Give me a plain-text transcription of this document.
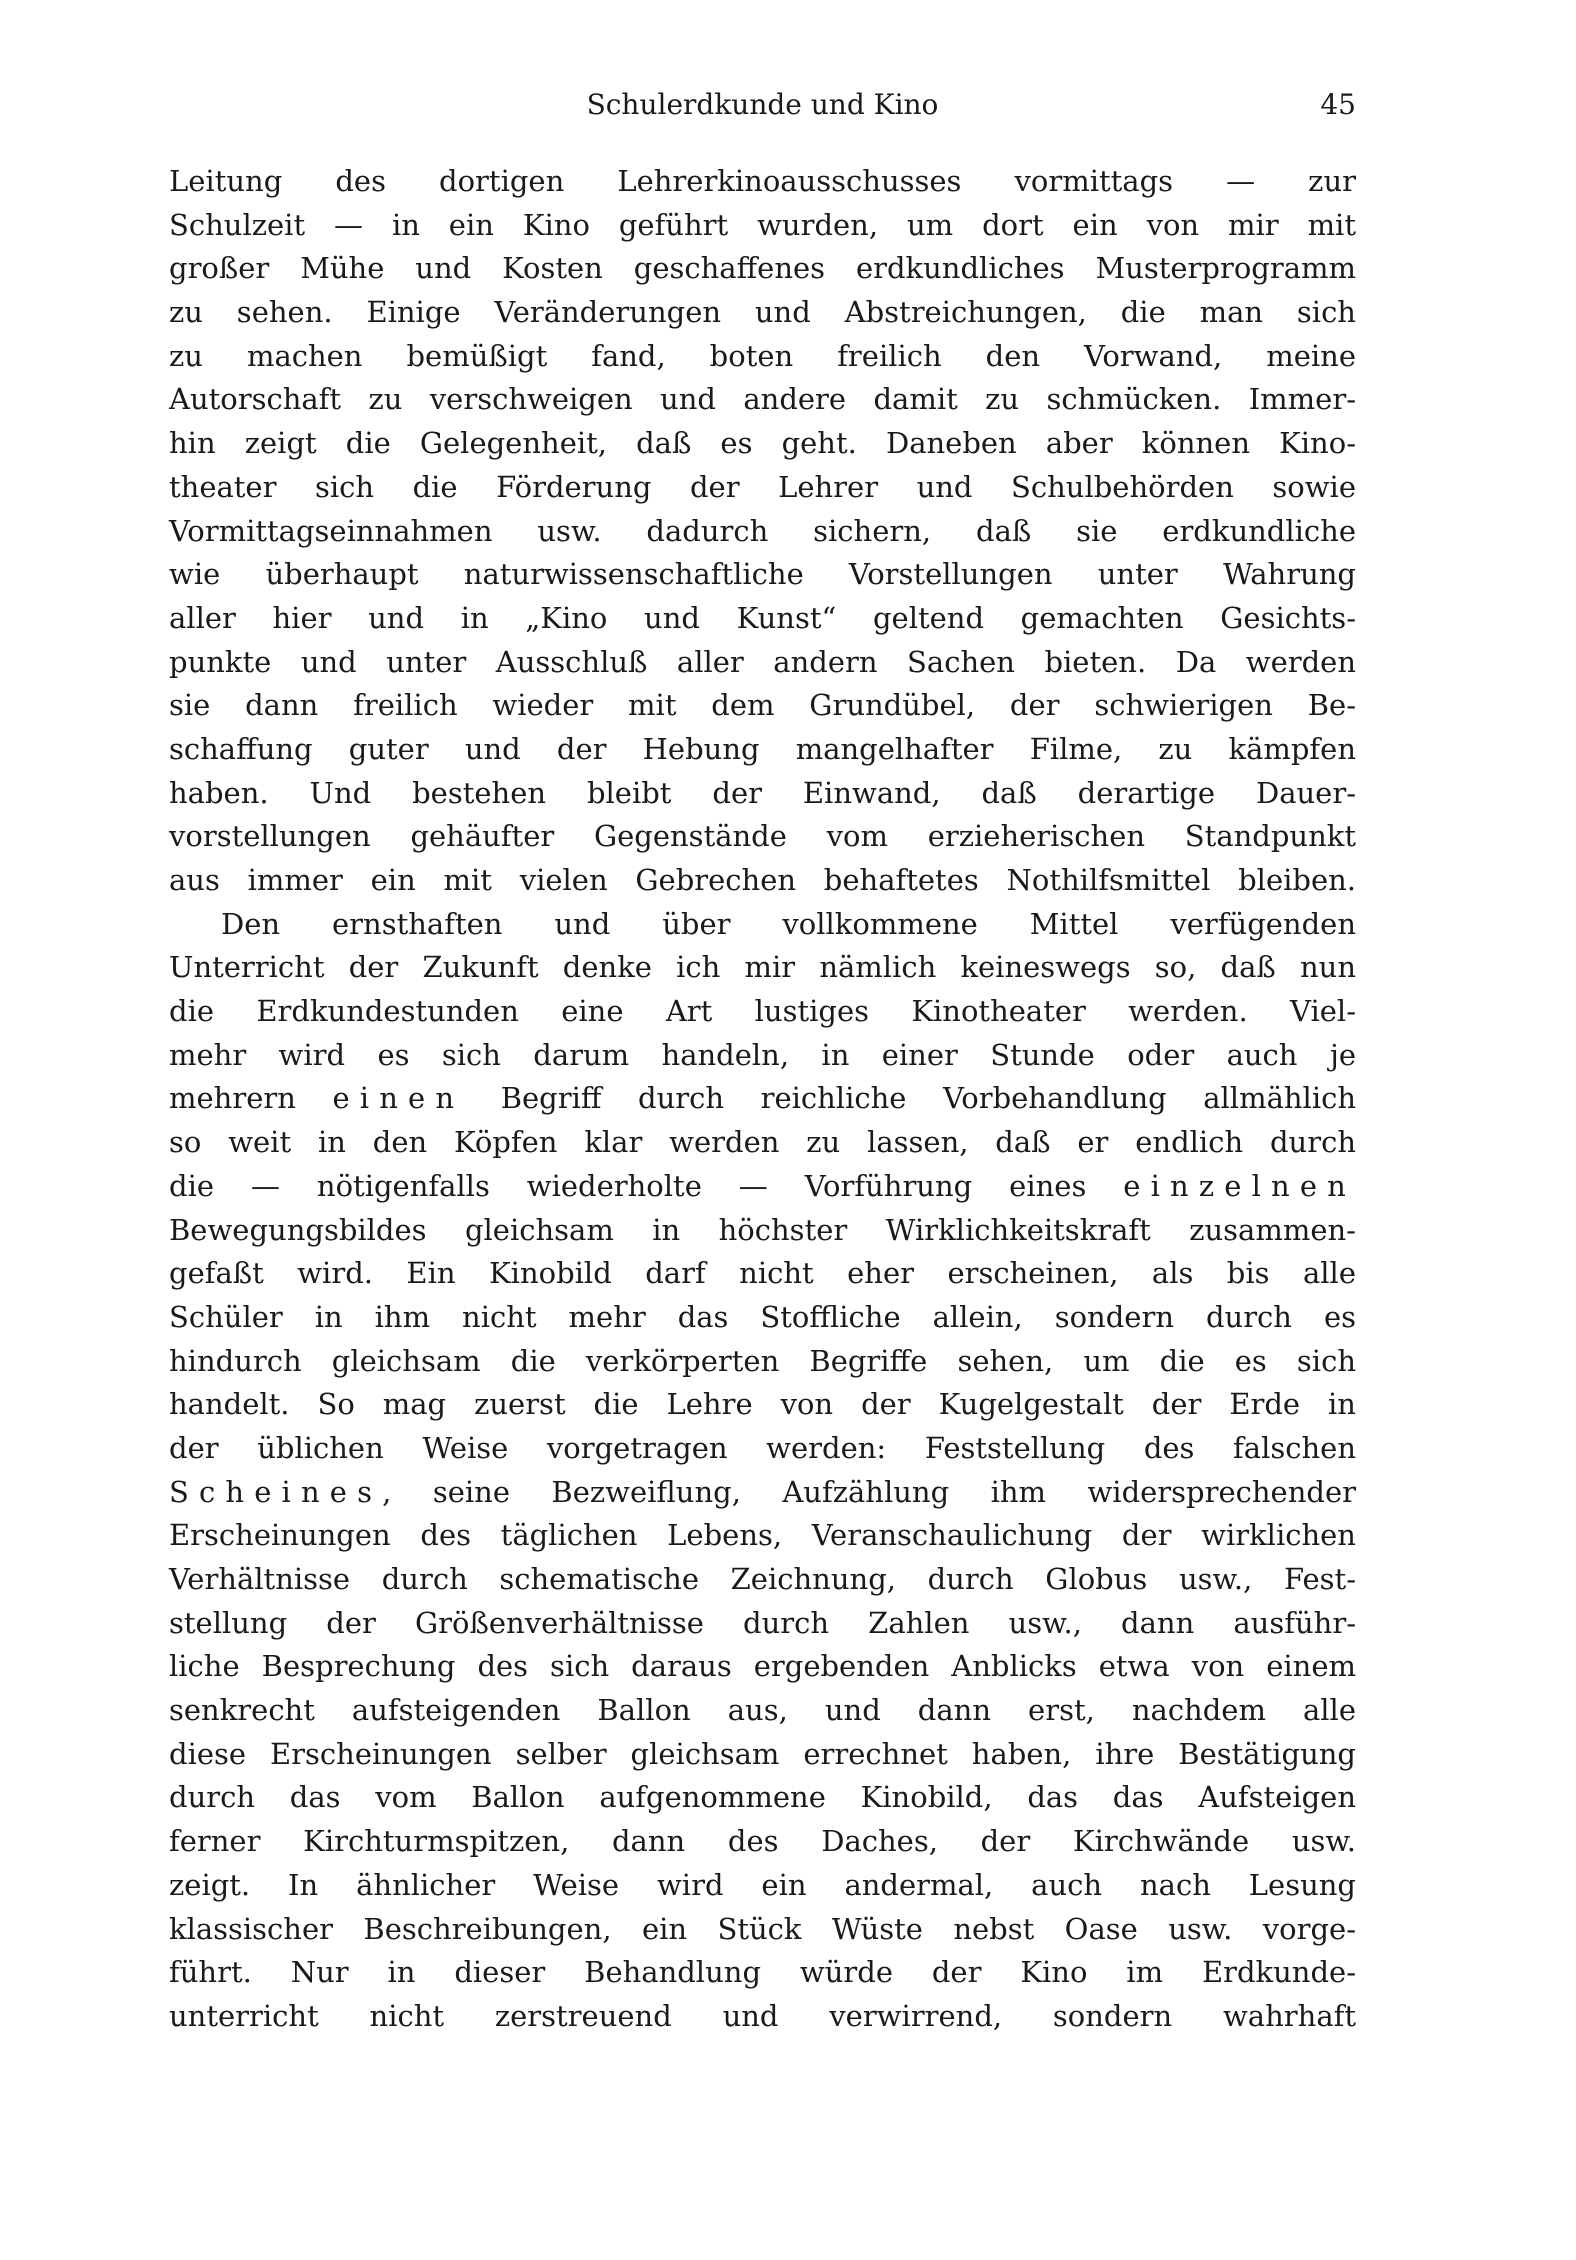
Schulerdkunde und Kino	45
Leitung des dortigen Lehrerkinoausschusses vormittags — zur
Schulzeit — in ein Kino geführt wurden, um dort ein von mir mit
großer Mühe und Kosten geschaffenes erdkundliches Musterprogramm
zu sehen. Einige Veränderungen und Abstreichungen, die man sich
zu machen bemüßigt fand, boten freilich den Vorwand, meine
Autorschaft zu verschweigen und andere damit zu schmücken. Immer-
hin zeigt die Gelegenheit, daß es geht. Daneben aber können Kino-
theater sich die Förderung der Lehrer und Schulbehörden sowie
Vormittagseinnahmen usw. dadurch sichern, daß sie erdkundliche
wie überhaupt naturwissenschaftliche Vorstellungen unter Wahrung
aller hier und in „Kino und Kunst“ geltend gemachten Gesichts-
punkte und unter Ausschluß aller andern Sachen bieten. Da werden
sie dann freilich wieder mit dem Grundübel, der schwierigen Be-
schaffung guter und der Hebung mangelhafter Filme, zu kämpfen
haben. Und bestehen bleibt der Einwand, daß derartige Dauer-
vorstellungen gehäufter Gegenstände vom erzieherischen Standpunkt
aus immer ein mit vielen Gebrechen behaftetes Nothilfsmittel bleiben.
Den ernsthaften und über vollkommene Mittel verfügenden
Unterricht der Zukunft denke ich mir nämlich keineswegs so, daß nun
die Erdkundestunden eine Art lustiges Kinotheater werden. Viel-
mehr wird es sich darum handeln, in einer Stunde oder auch je
mehrern einen Begriff durch reichliche Vorbehandlung allmählich
so weit in den Köpfen klar werden zu lassen, daß er endlich durch
die — nötigenfalls wiederholte — Vorführung eines einzelnen
Bewegungsbildes gleichsam in höchster Wirklichkeitskraft zusammen-
gefaßt wird. Ein Kinobild darf nicht eher erscheinen, als bis alle
Schüler in ihm nicht mehr das Stoffliche allein, sondern durch es
hindurch gleichsam die verkörperten Begriffe sehen, um die es sich
handelt. So mag zuerst die Lehre von der Kugelgestalt der Erde in
der üblichen Weise vorgetragen werden: Feststellung des falschen
Scheines, seine Bezweiflung, Aufzählung ihm widersprechender
Erscheinungen des täglichen Lebens, Veranschaulichung der wirklichen
Verhältnisse durch schematische Zeichnung, durch Globus usw., Fest-
stellung der Größenverhältnisse durch Zahlen usw., dann ausführ-
liche Besprechung des sich daraus ergebenden Anblicks etwa von einem
senkrecht aufsteigenden Ballon aus, und dann erst, nachdem alle
diese Erscheinungen selber gleichsam errechnet haben, ihre Bestätigung
durch das vom Ballon aufgenommene Kinobild, das das Aufsteigen
ferner Kirchturmspitzen, dann des Daches, der Kirchwände usw.
zeigt. In ähnlicher Weise wird ein andermal, auch nach Lesung
klassischer Beschreibungen, ein Stück Wüste nebst Oase usw. vorge-
führt. Nur in dieser Behandlung würde der Kino im Erdkunde-
unterricht nicht zerstreuend und verwirrend, sondern wahrhaft
